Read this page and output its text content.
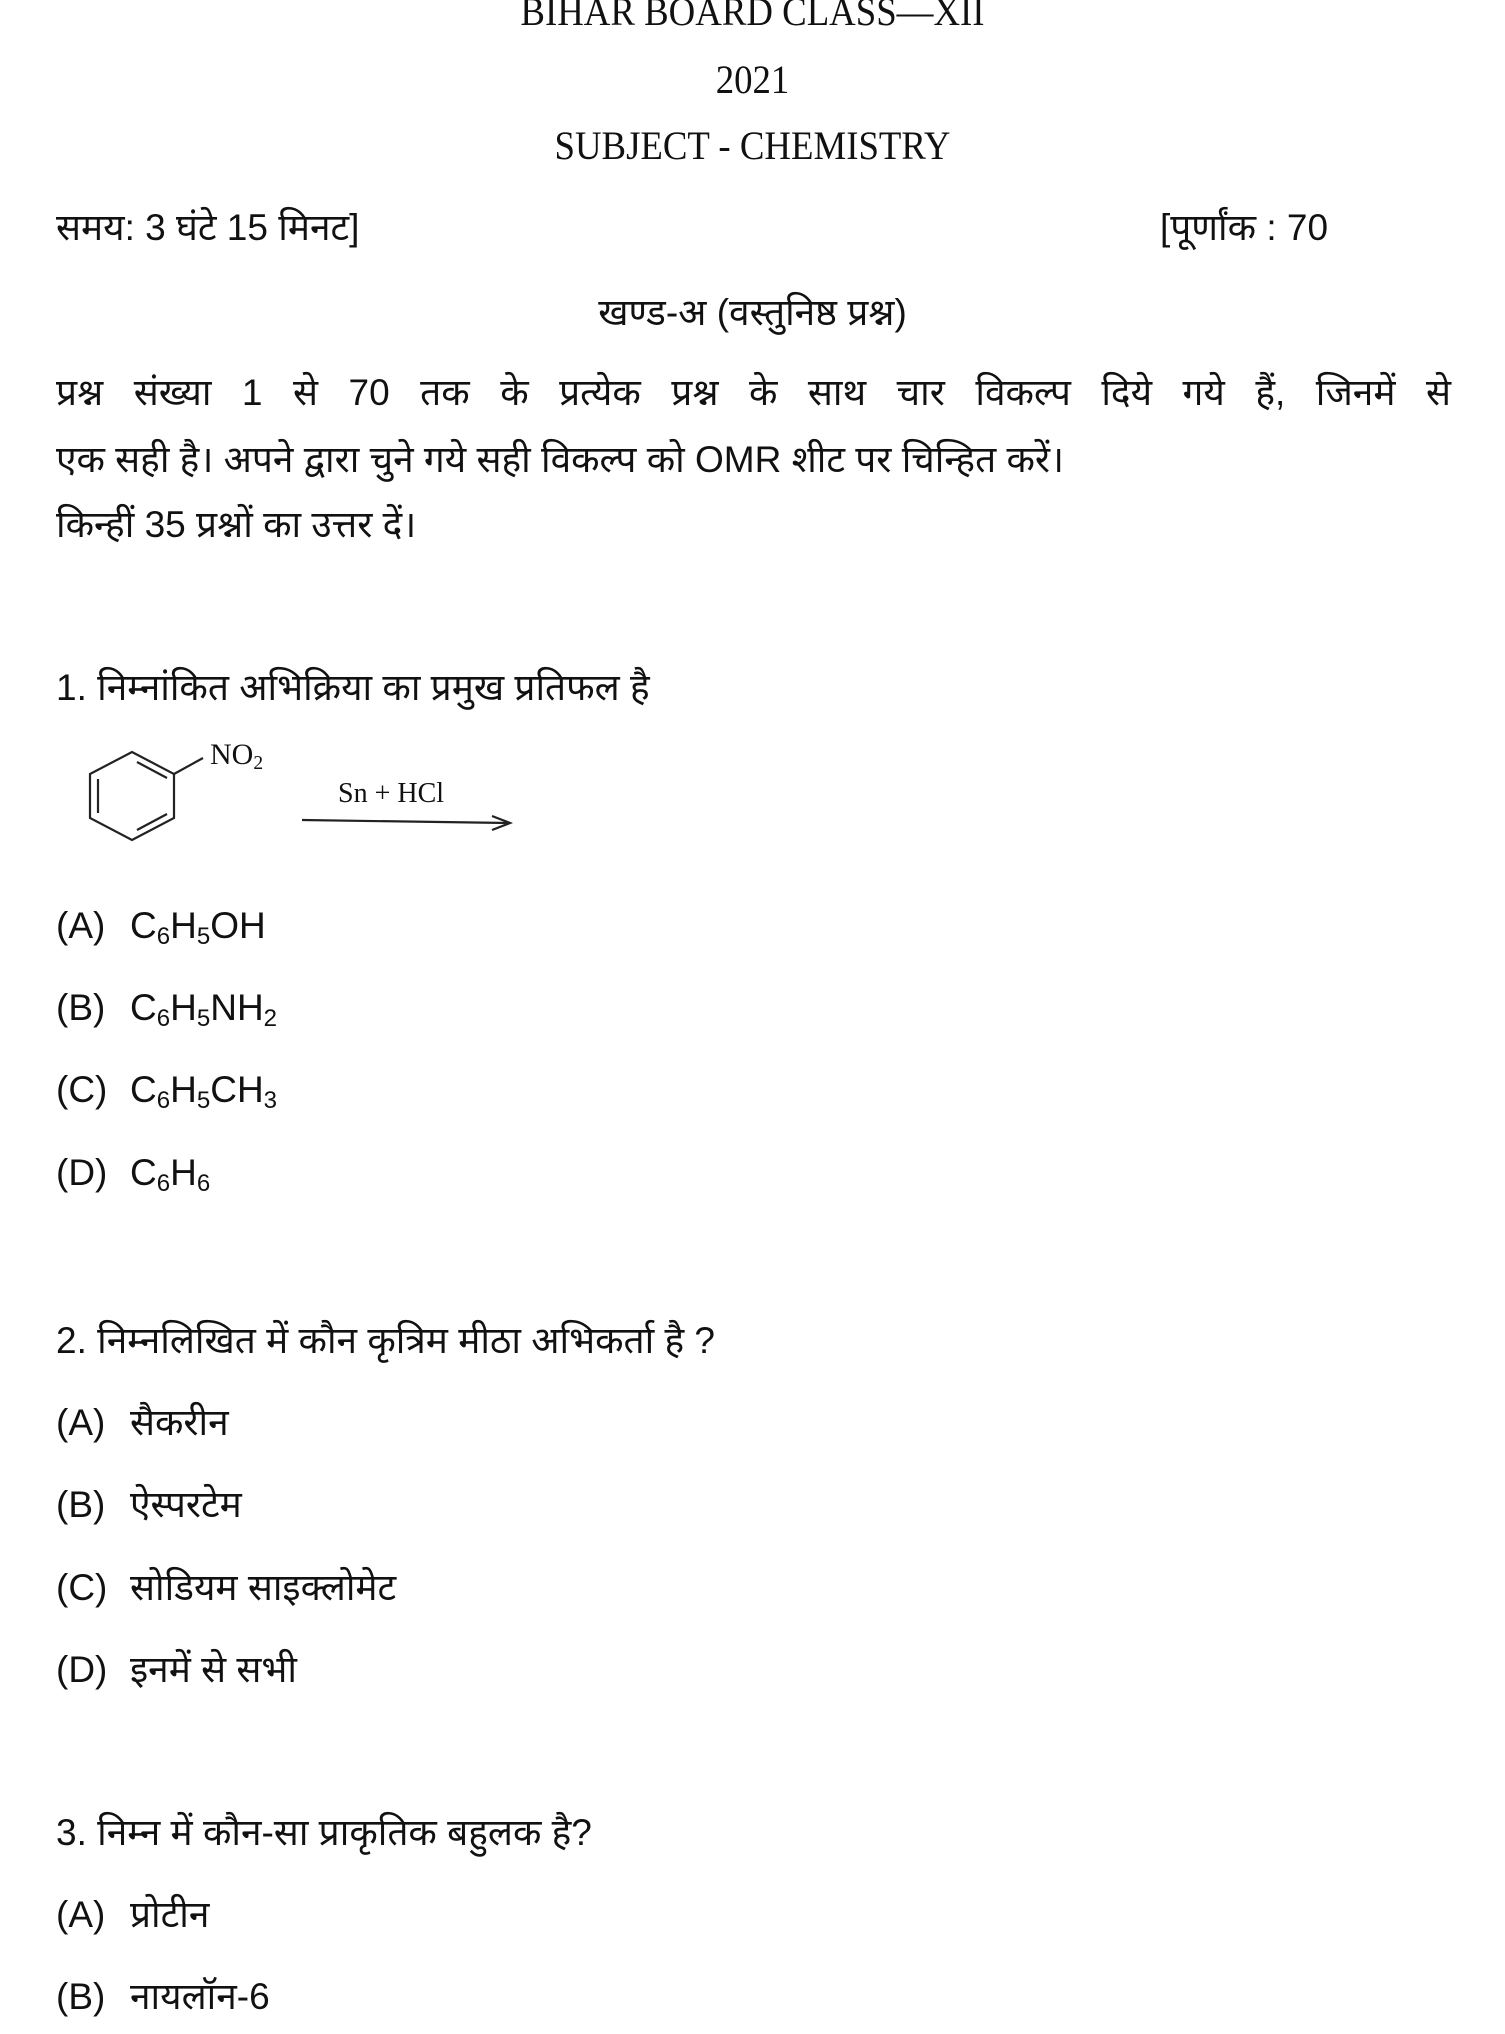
BIHAR BOARD CLASS—XII
2021
SUBJECT - CHEMISTRY
समय: 3 घंटे 15 मिनट]	[पूर्णांक : 70
खण्ड-अ (वस्तुनिष्ठ प्रश्न)
प्रश्न संख्या 1 से 70 तक के प्रत्येक प्रश्न के साथ चार विकल्प दिये गये हैं, जिनमें से
एक सही है। अपने द्वारा चुने गये सही विकल्प को OMR शीट पर चिन्हित करें।
किन्हीं 35 प्रश्नों का उत्तर दें।
1. निम्नांकित अभिक्रिया का प्रमुख प्रतिफल है
$NO_2$
Sn + HCl
(A) $C_6H_5OH$
(B) $C_6H_5NH_2$
(C) $C_6H_5CH_3$
(D) $C_6H_6$
2. निम्नलिखित में कौन कृत्रिम मीठा अभिकर्ता है ?
(A) सैकरीन
(B) ऐस्परटेम
(C) सोडियम साइक्लोमेट
(D) इनमें से सभी
3. निम्न में कौन-सा प्राकृतिक बहुलक है?
(A) प्रोटीन
(B) नायलॉन-6
